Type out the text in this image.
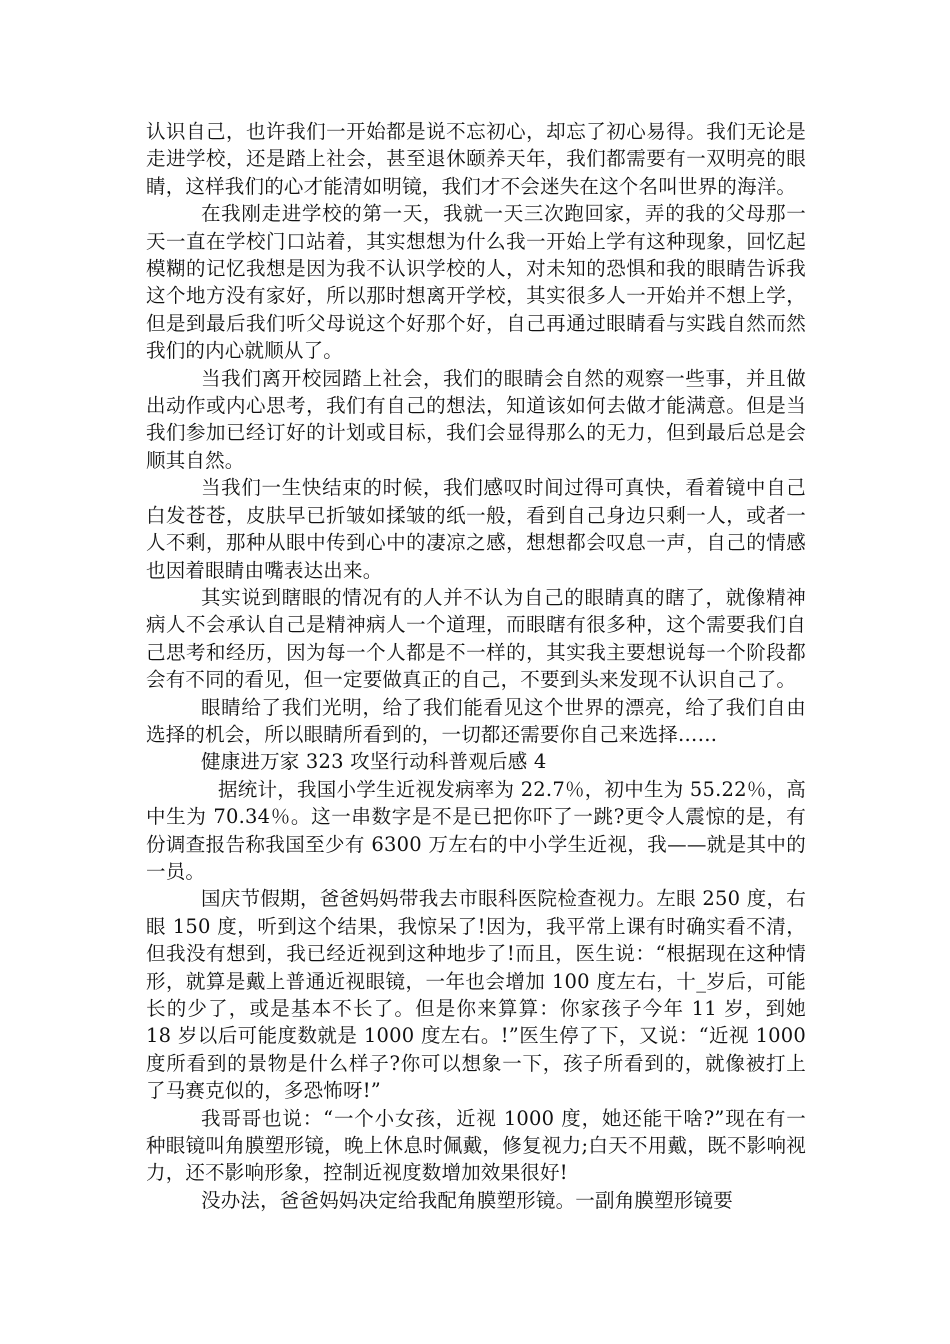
认识自己，也许我们一开始都是说不忘初心，却忘了初心易得。我们无论是走进学校，还是踏上社会，甚至退休颐养天年，我们都需要有一双明亮的眼睛，这样我们的心才能清如明镜，我们才不会迷失在这个名叫世界的海洋。

在我刚走进学校的第一天，我就一天三次跑回家，弄的我的父母那一天一直在学校门口站着，其实想想为什么我一开始上学有这种现象，回忆起模糊的记忆我想是因为我不认识学校的人，对未知的恐惧和我的眼睛告诉我这个地方没有家好，所以那时想离开学校，其实很多人一开始并不想上学，但是到最后我们听父母说这个好那个好，自己再通过眼睛看与实践自然而然我们的内心就顺从了。

当我们离开校园踏上社会，我们的眼睛会自然的观察一些事，并且做出动作或内心思考，我们有自己的想法，知道该如何去做才能满意。但是当我们参加已经订好的计划或目标，我们会显得那么的无力，但到最后总是会顺其自然。

当我们一生快结束的时候，我们感叹时间过得可真快，看着镜中自己白发苍苍，皮肤早已折皱如揉皱的纸一般，看到自己身边只剩一人，或者一人不剩，那种从眼中传到心中的凄凉之感，想想都会叹息一声，自己的情感也因着眼睛由嘴表达出来。

其实说到瞎眼的情况有的人并不认为自己的眼睛真的瞎了，就像精神病人不会承认自己是精神病人一个道理，而眼瞎有很多种，这个需要我们自己思考和经历，因为每一个人都是不一样的，其实我主要想说每一个阶段都会有不同的看见，但一定要做真正的自己，不要到头来发现不认识自己了。

眼睛给了我们光明，给了我们能看见这个世界的漂亮，给了我们自由选择的机会，所以眼睛所看到的，一切都还需要你自己来选择……

健康进万家 323 攻坚行动科普观后感 4

据统计，我国小学生近视发病率为 22.7％，初中生为 55.22％，高中生为 70.34％。这一串数字是不是已把你吓了一跳?更令人震惊的是，有份调查报告称我国至少有 6300 万左右的中小学生近视，我——就是其中的一员。

国庆节假期，爸爸妈妈带我去市眼科医院检查视力。左眼 250 度，右眼 150 度，听到这个结果，我惊呆了!因为，我平常上课有时确实看不清，但我没有想到，我已经近视到这种地步了!而且，医生说：“根据现在这种情形，就算是戴上普通近视眼镜，一年也会增加 100 度左右，十_岁后，可能长的少了，或是基本不长了。但是你来算算：你家孩子今年 11 岁，到她 18 岁以后可能度数就是 1000 度左右。!”医生停了下，又说：“近视 1000 度所看到的景物是什么样子?你可以想象一下，孩子所看到的，就像被打上了马赛克似的，多恐怖呀!”

我哥哥也说：“一个小女孩，近视 1000 度，她还能干啥?”现在有一种眼镜叫角膜塑形镜，晚上休息时佩戴，修复视力;白天不用戴，既不影响视力，还不影响形象，控制近视度数增加效果很好!

没办法，爸爸妈妈决定给我配角膜塑形镜。一副角膜塑形镜要
